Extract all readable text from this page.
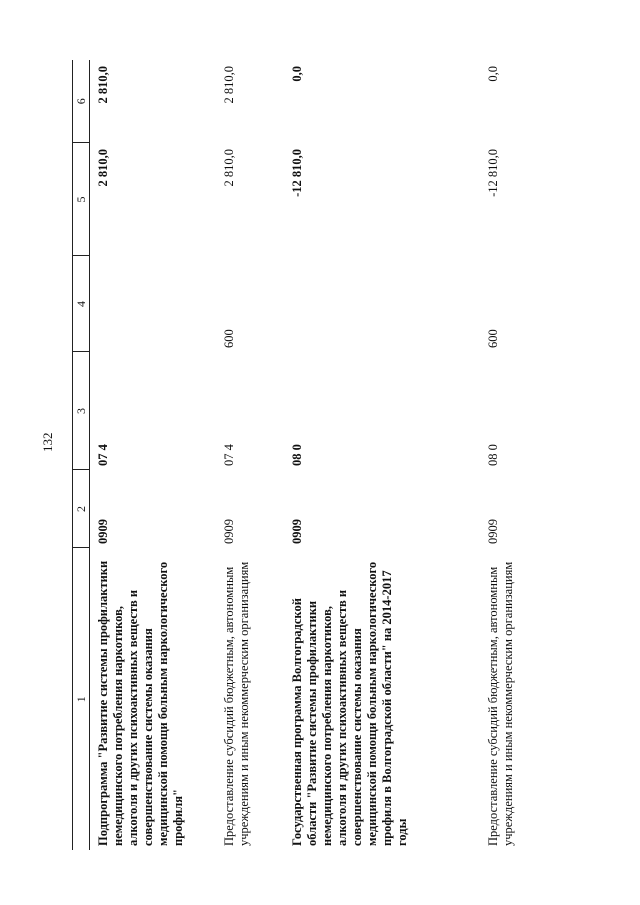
132
1	2	3	4	5	6
Подпрограмма "Развитие системы профилактики немедицинского потребления наркотиков, алкоголя и других психоактивных веществ и совершенствование системы оказания медицинской помощи больным наркологического профиля"	0909	07 4		2 810,0	2 810,0
Предоставление субсидий бюджетным, автономным учреждениям и иным некоммерческим организациям	0909	07 4	600	2 810,0	2 810,0
Государственная программа Волгоградской области "Развитие системы профилактики немедицинского потребления наркотиков, алкоголя и других психоактивных веществ и совершенствование системы оказания медицинской помощи больным наркологического профиля в Волгоградской области" на 2014-2017 годы	0909	08 0		-12 810,0	0,0
Предоставление субсидий бюджетным, автономным учреждениям и иным некоммерческим организациям	0909	08 0	600	-12 810,0	0,0
